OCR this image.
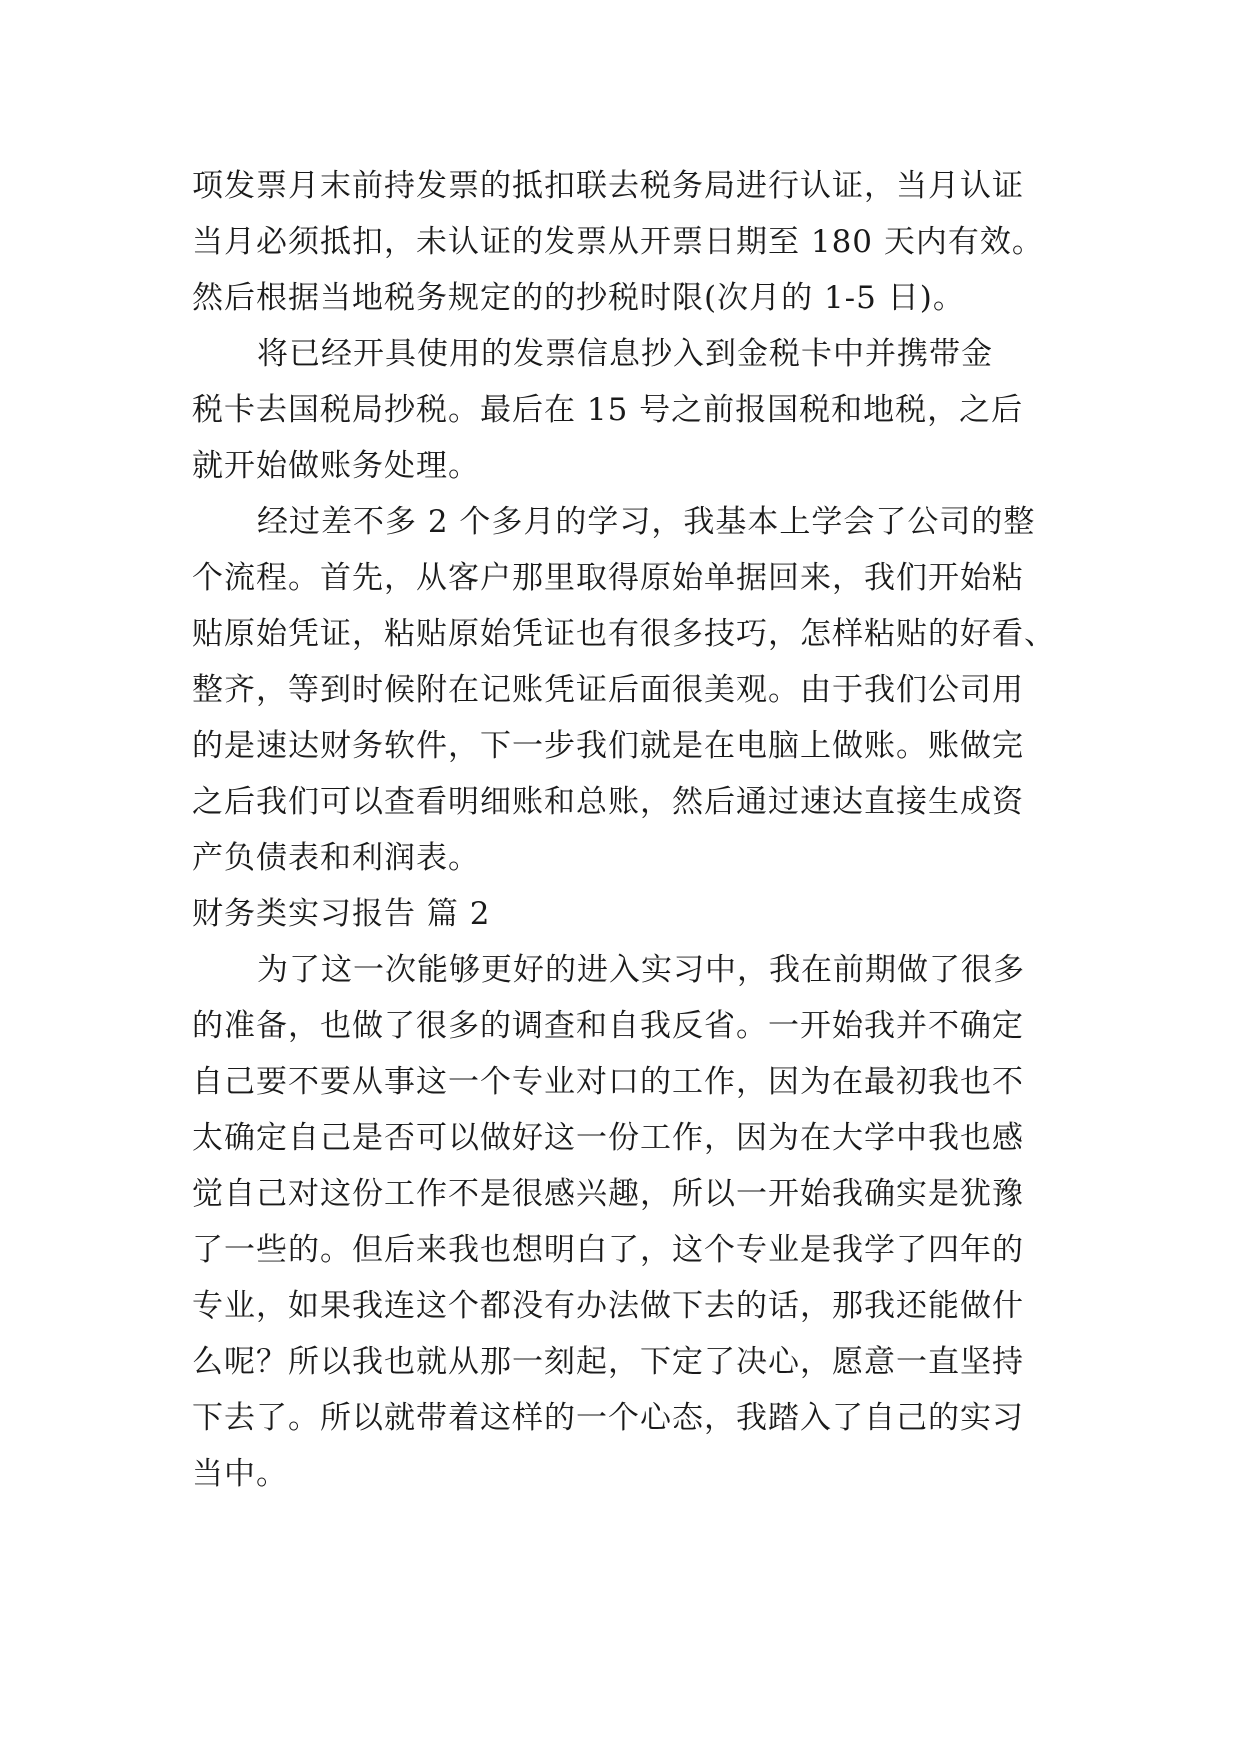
项发票月末前持发票的抵扣联去税务局进行认证，当月认证
当月必须抵扣，未认证的发票从开票日期至 180 天内有效。
然后根据当地税务规定的的抄税时限(次月的 1-5 日)。
将已经开具使用的发票信息抄入到金税卡中并携带金
税卡去国税局抄税。最后在 15 号之前报国税和地税，之后
就开始做账务处理。
经过差不多 2 个多月的学习，我基本上学会了公司的整
个流程。首先，从客户那里取得原始单据回来，我们开始粘
贴原始凭证，粘贴原始凭证也有很多技巧，怎样粘贴的好看、
整齐，等到时候附在记账凭证后面很美观。由于我们公司用
的是速达财务软件，下一步我们就是在电脑上做账。账做完
之后我们可以查看明细账和总账，然后通过速达直接生成资
产负债表和利润表。
财务类实习报告 篇 2
为了这一次能够更好的进入实习中，我在前期做了很多
的准备，也做了很多的调查和自我反省。一开始我并不确定
自己要不要从事这一个专业对口的工作，因为在最初我也不
太确定自己是否可以做好这一份工作，因为在大学中我也感
觉自己对这份工作不是很感兴趣，所以一开始我确实是犹豫
了一些的。但后来我也想明白了，这个专业是我学了四年的
专业，如果我连这个都没有办法做下去的话，那我还能做什
么呢？所以我也就从那一刻起，下定了决心，愿意一直坚持
下去了。所以就带着这样的一个心态，我踏入了自己的实习
当中。
